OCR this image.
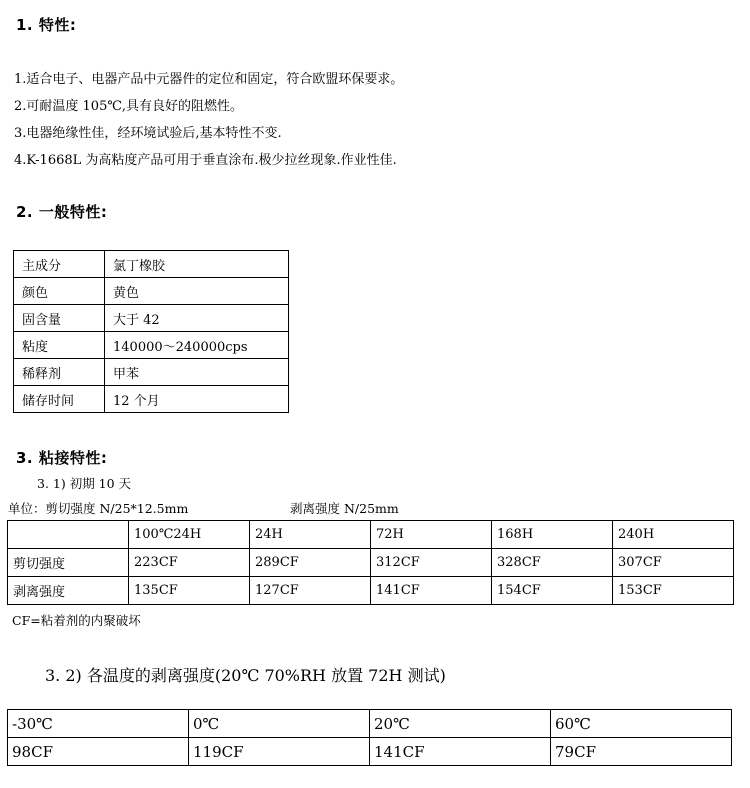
1. 特性:
1.适合电子、电器产品中元器件的定位和固定，符合欧盟环保要求。
2.可耐温度 105℃,具有良好的阻燃性。
3.电器绝缘性佳，经环境试验后,基本特性不变.
4.K-1668L 为高粘度产品可用于垂直涂布.极少拉丝现象.作业性佳.
2. 一般特性:
主成分	氯丁橡胶
颜色	黄色
固含量	大于 42
粘度	140000～240000cps
稀释剂	甲苯
储存时间	12 个月
3. 粘接特性:
3. 1) 初期 10 天
单位：剪切强度 N/25*12.5mm	剥离强度 N/25mm
	100℃24H	24H	72H	168H	240H
剪切强度	223CF	289CF	312CF	328CF	307CF
剥离强度	135CF	127CF	141CF	154CF	153CF
CF=粘着剂的内聚破坏
3. 2) 各温度的剥离强度(20℃ 70%RH 放置 72H 测试)
-30℃	0℃	20℃	60℃
98CF	119CF	141CF	79CF
